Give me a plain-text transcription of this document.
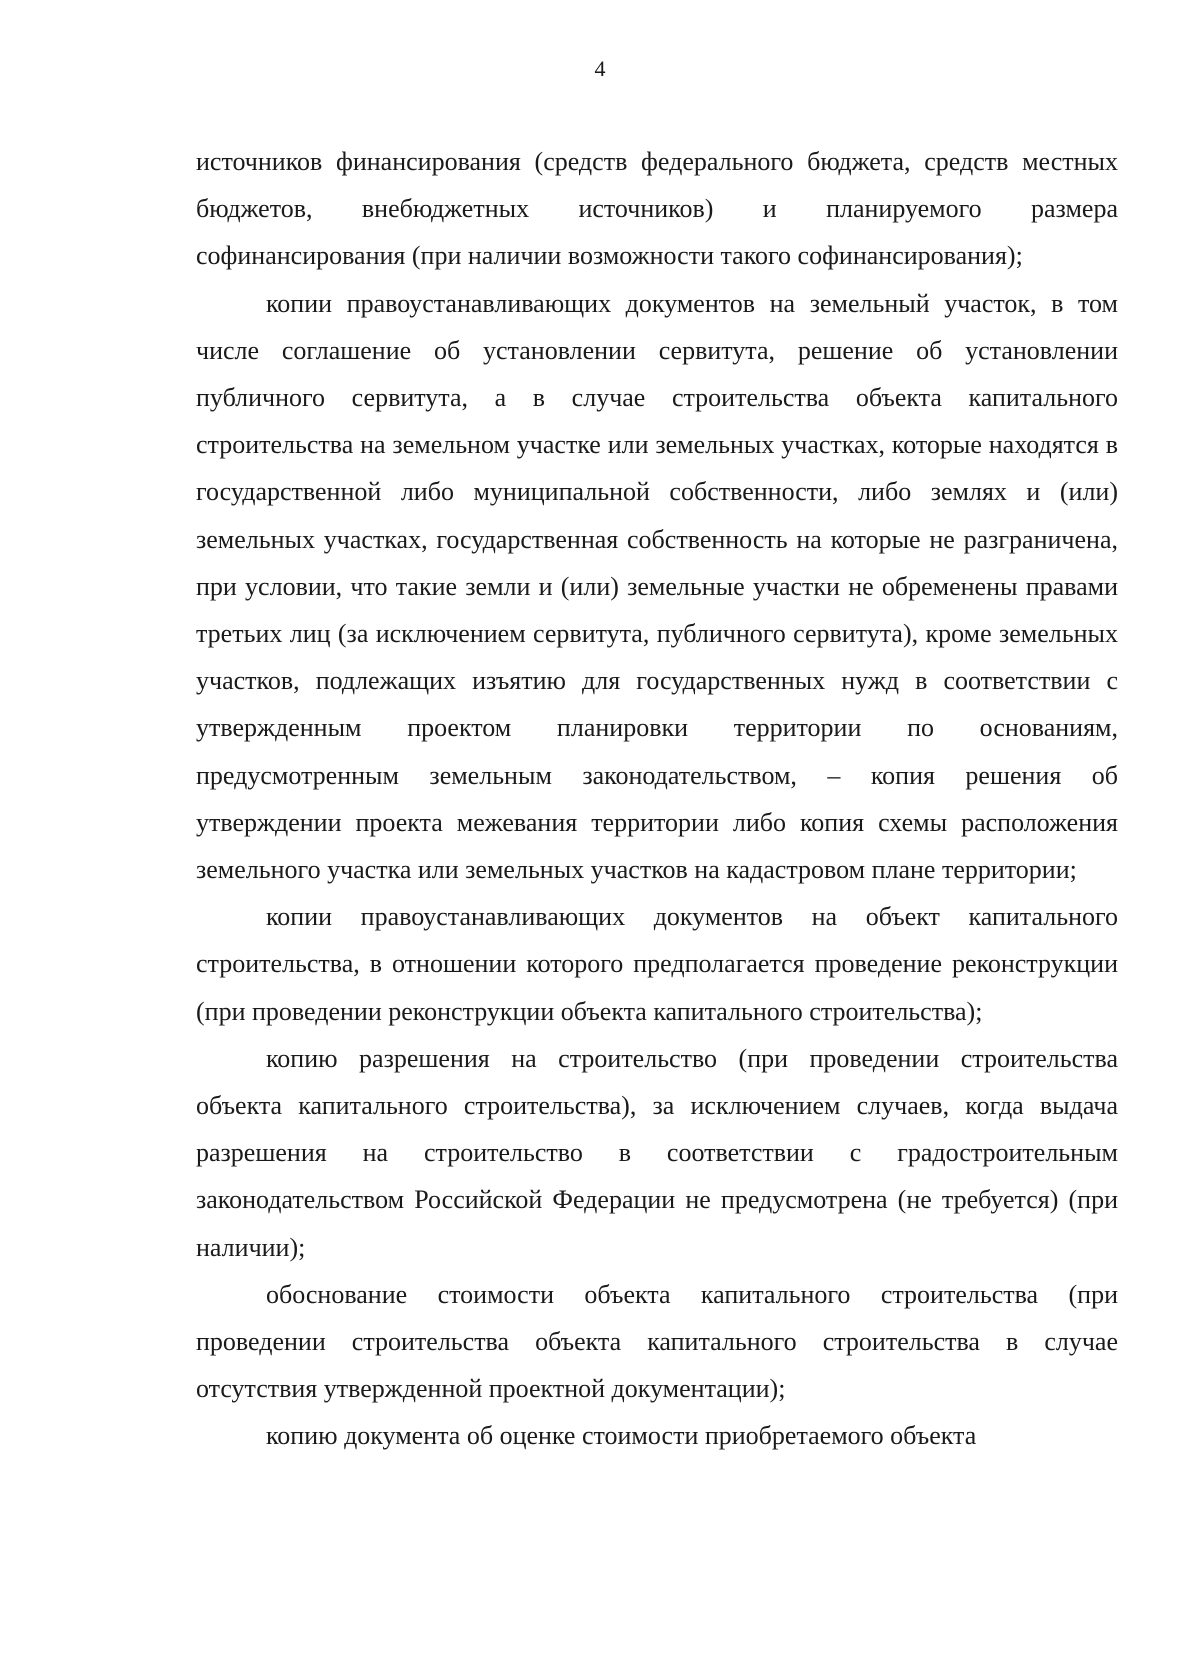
4

источников финансирования (средств федерального бюджета, средств местных бюджетов, внебюджетных источников) и планируемого размера софинансирования (при наличии возможности такого софинансирования);

копии правоустанавливающих документов на земельный участок, в том числе соглашение об установлении сервитута, решение об установлении публичного сервитута, а в случае строительства объекта капитального строительства на земельном участке или земельных участках, которые находятся в государственной либо муниципальной собственности, либо землях и (или) земельных участках, государственная собственность на которые не разграничена, при условии, что такие земли и (или) земельные участки не обременены правами третьих лиц (за исключением сервитута, публичного сервитута), кроме земельных участков, подлежащих изъятию для государственных нужд в соответствии с утвержденным проектом планировки территории по основаниям, предусмотренным земельным законодательством, – копия решения об утверждении проекта межевания территории либо копия схемы расположения земельного участка или земельных участков на кадастровом плане территории;

копии правоустанавливающих документов на объект капитального строительства, в отношении которого предполагается проведение реконструкции (при проведении реконструкции объекта капитального строительства);

копию разрешения на строительство (при проведении строительства объекта капитального строительства), за исключением случаев, когда выдача разрешения на строительство в соответствии с градостроительным законодательством Российской Федерации не предусмотрена (не требуется) (при наличии);

обоснование стоимости объекта капитального строительства (при проведении строительства объекта капитального строительства в случае отсутствия утвержденной проектной документации);

копию документа об оценке стоимости приобретаемого объекта
